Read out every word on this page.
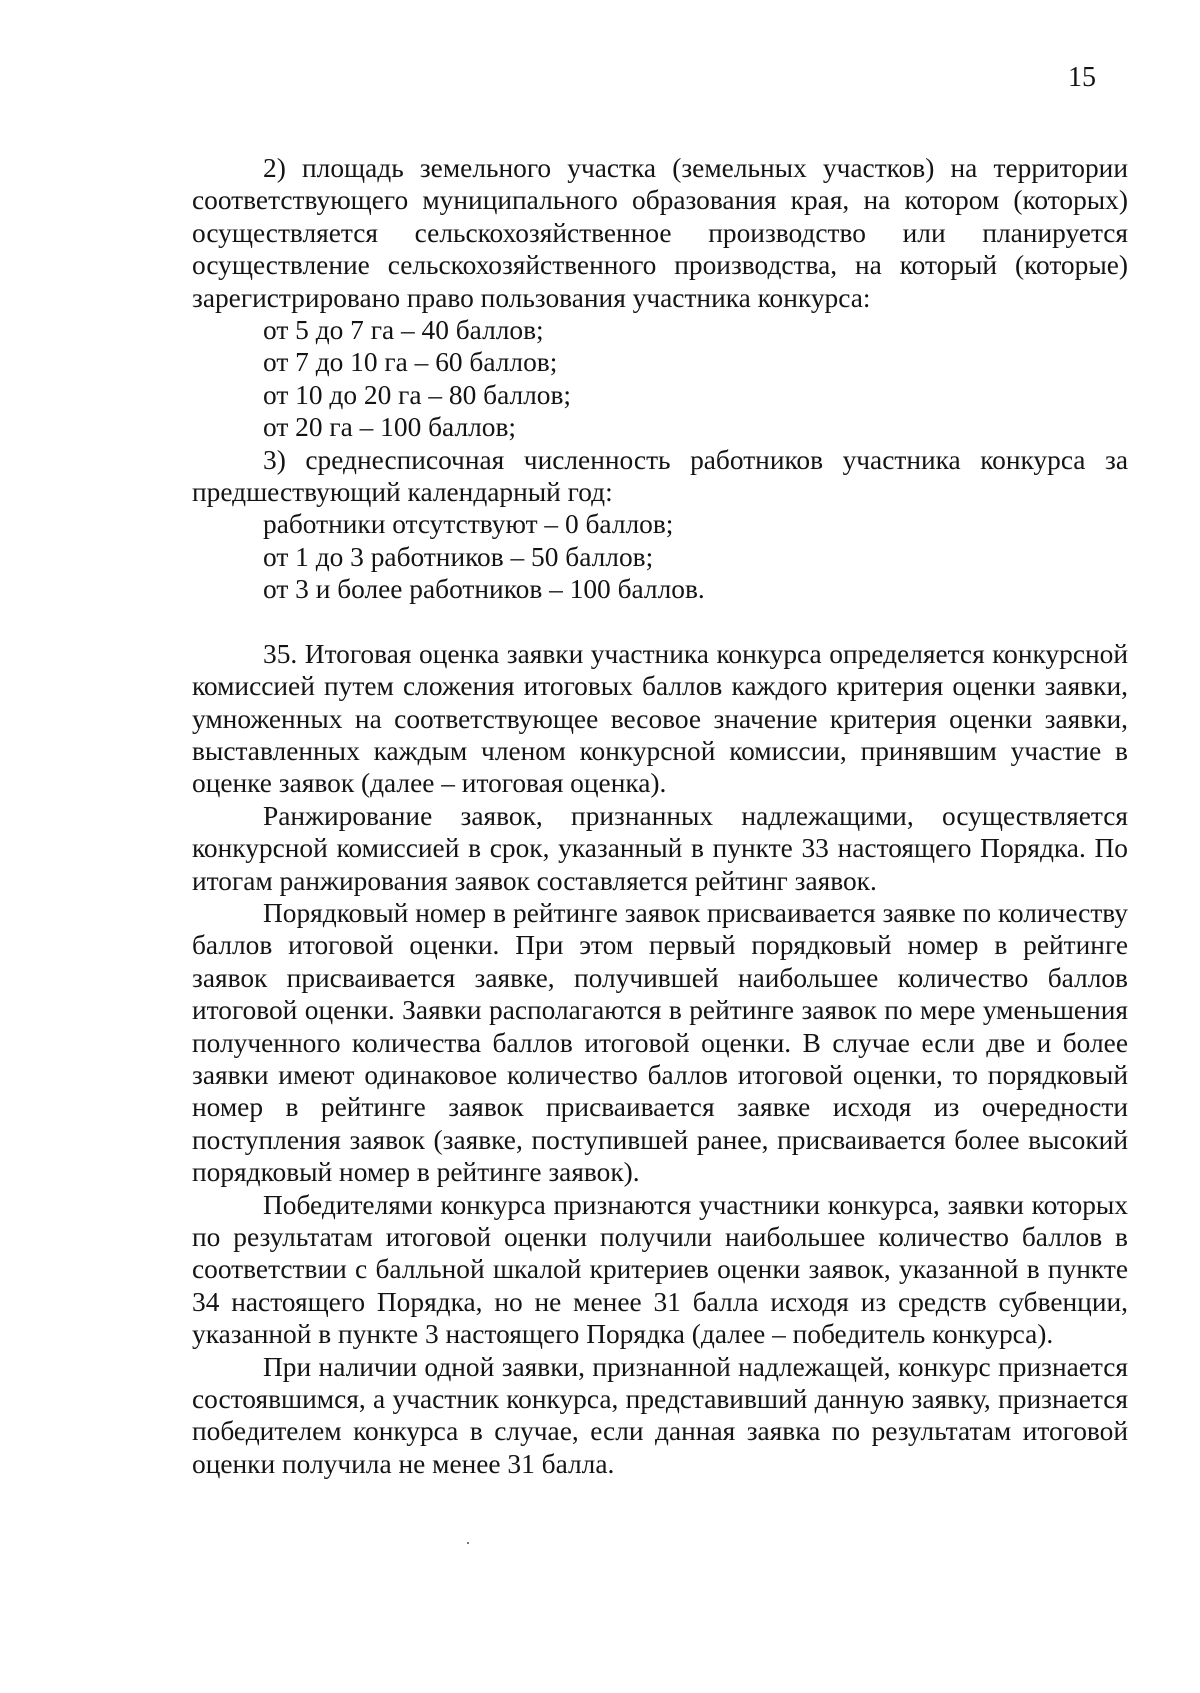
15

2) площадь земельного участка (земельных участков) на территории соответствующего муниципального образования края, на котором (которых) осуществляется сельскохозяйственное производство или планируется осуществление сельскохозяйственного производства, на который (которые) зарегистрировано право пользования участника конкурса:

от 5 до 7 га – 40 баллов;

от 7 до 10 га – 60 баллов;

от 10 до 20 га – 80 баллов;

от 20 га – 100 баллов;

3) среднесписочная численность работников участника конкурса за предшествующий календарный год:

работники отсутствуют – 0 баллов;

от 1 до 3 работников – 50 баллов;

от 3 и более работников – 100 баллов.

35. Итоговая оценка заявки участника конкурса определяется конкурсной комиссией путем сложения итоговых баллов каждого критерия оценки заявки, умноженных на соответствующее весовое значение критерия оценки заявки, выставленных каждым членом конкурсной комиссии, принявшим участие в оценке заявок (далее – итоговая оценка).

Ранжирование заявок, признанных надлежащими, осуществляется конкурсной комиссией в срок, указанный в пункте 33 настоящего Порядка. По итогам ранжирования заявок составляется рейтинг заявок.

Порядковый номер в рейтинге заявок присваивается заявке по количеству баллов итоговой оценки. При этом первый порядковый номер в рейтинге заявок присваивается заявке, получившей наибольшее количество баллов итоговой оценки. Заявки располагаются в рейтинге заявок по мере уменьшения полученного количества баллов итоговой оценки. В случае если две и более заявки имеют одинаковое количество баллов итоговой оценки, то порядковый номер в рейтинге заявок присваивается заявке исходя из очередности поступления заявок (заявке, поступившей ранее, присваивается более высокий порядковый номер в рейтинге заявок).

Победителями конкурса признаются участники конкурса, заявки которых по результатам итоговой оценки получили наибольшее количество баллов в соответствии с балльной шкалой критериев оценки заявок, указанной в пункте 34 настоящего Порядка, но не менее 31 балла исходя из средств субвенции, указанной в пункте 3 настоящего Порядка (далее – победитель конкурса).

При наличии одной заявки, признанной надлежащей, конкурс признается состоявшимся, а участник конкурса, представивший данную заявку, признается победителем конкурса в случае, если данная заявка по результатам итоговой оценки получила не менее 31 балла.
